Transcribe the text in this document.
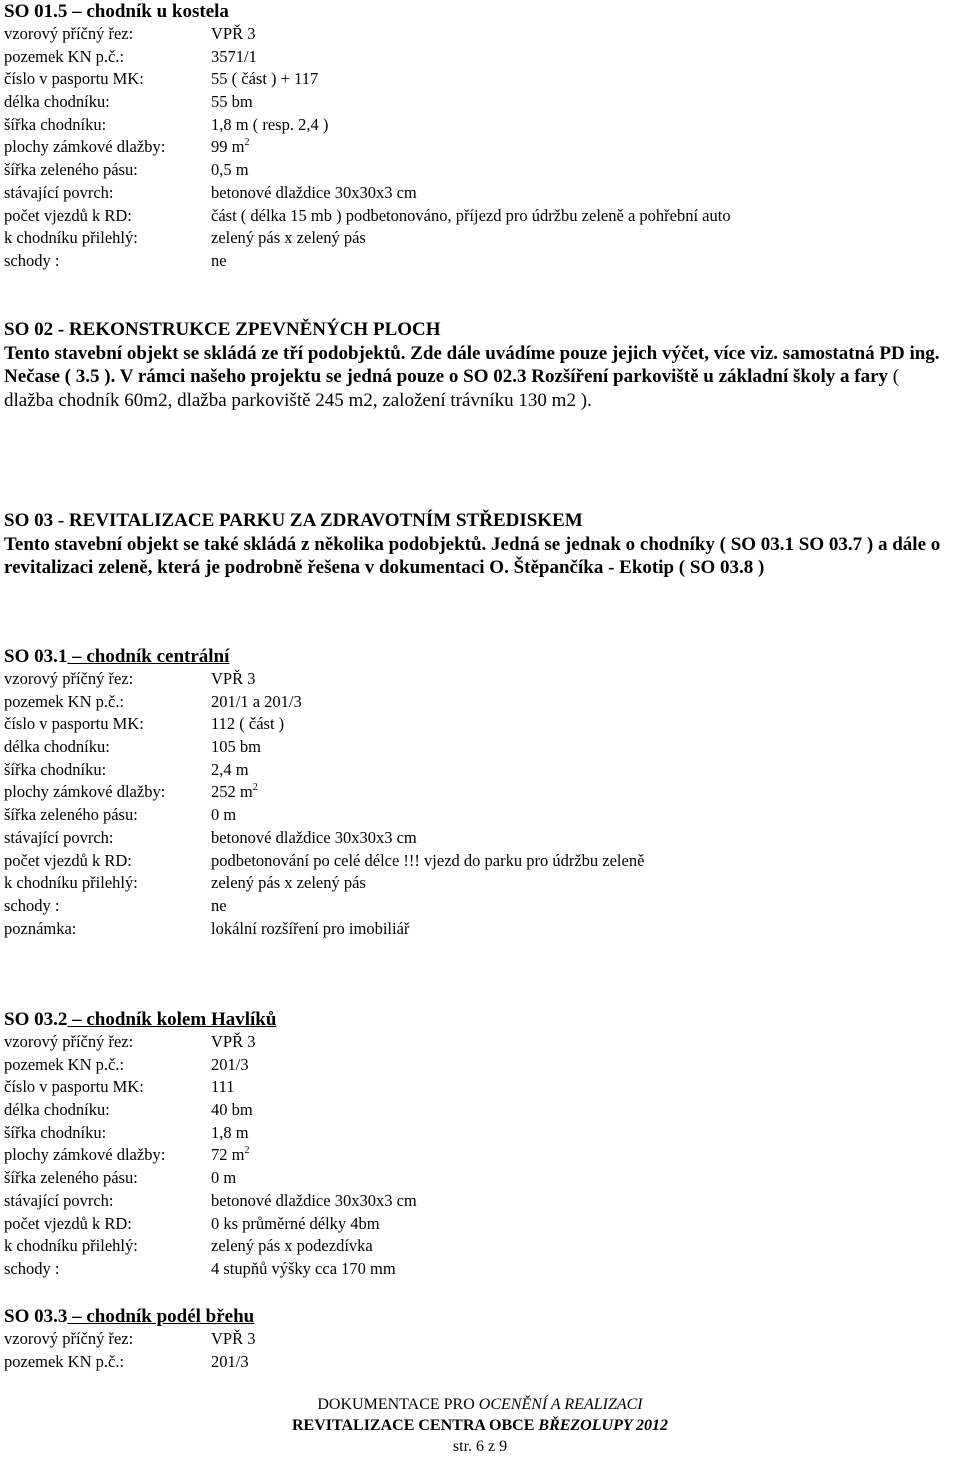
SO 01.5 – chodník u kostela
vzorový příčný řez:	VPŘ 3
pozemek KN p.č.:	3571/1
číslo v pasportu MK:	55 ( část ) + 117
délka chodníku:	55 bm
šířka chodníku:	1,8 m ( resp. 2,4 )
plochy zámkové dlažby:	99 $m^2$
šířka zeleného pásu:	0,5 m
stávající povrch:	betonové dlaždice 30x30x3 cm
počet vjezdů k RD:	část ( délka 15 mb ) podbetonováno, příjezd pro údržbu zeleně a pohřební auto
k chodníku přilehlý:	zelený pás x zelený pás
schody :	ne
SO 02 - REKONSTRUKCE ZPEVNĚNÝCH PLOCH

Tento stavební objekt se skládá ze tří podobjektů. Zde dále uvádíme pouze jejich výčet, více viz. samostatná PD ing. Nečase ( 3.5 ). V rámci našeho projektu se jedná pouze o SO 02.3 Rozšíření parkoviště u základní školy a fary ( dlažba chodník 60m2, dlažba parkoviště 245 m2, založení trávníku 130 m2 ).

SO 03 - REVITALIZACE PARKU ZA ZDRAVOTNÍM STŘEDISKEM

Tento stavební objekt se také skládá z několika podobjektů. Jedná se jednak o chodníky ( SO 03.1 SO 03.7 ) a dále o revitalizaci zeleně, která je podrobně řešena v dokumentaci O. Štěpančíka - Ekotip ( SO 03.8 )

SO 03.1 – chodník centrální
vzorový příčný řez:	VPŘ 3
pozemek KN p.č.:	201/1 a 201/3
číslo v pasportu MK:	112 ( část )
délka chodníku:	105 bm
šířka chodníku:	2,4 m
plochy zámkové dlažby:	252 $m^2$
šířka zeleného pásu:	0 m
stávající povrch:	betonové dlaždice 30x30x3 cm
počet vjezdů k RD:	podbetonování po celé délce !!! vjezd do parku pro údržbu zeleně
k chodníku přilehlý:	zelený pás x zelený pás
schody :	ne
poznámka:	lokální rozšíření pro imobiliář
SO 03.2 – chodník kolem Havlíků
vzorový příčný řez:	VPŘ 3
pozemek KN p.č.:	201/3
číslo v pasportu MK:	111
délka chodníku:	40 bm
šířka chodníku:	1,8 m
plochy zámkové dlažby:	72 $m^2$
šířka zeleného pásu:	0 m
stávající povrch:	betonové dlaždice 30x30x3 cm
počet vjezdů k RD:	0 ks průměrné délky 4bm
k chodníku přilehlý:	zelený pás x podezdívka
schody :	4 stupňů výšky cca 170 mm
SO 03.3 – chodník podél břehu
vzorový příčný řez:	VPŘ 3
pozemek KN p.č.:	201/3
DOKUMENTACE PRO OCENĚNÍ A REALIZACI
REVITALIZACE CENTRA OBCE BŘEZOLUPY 2012
str. 6 z 9
